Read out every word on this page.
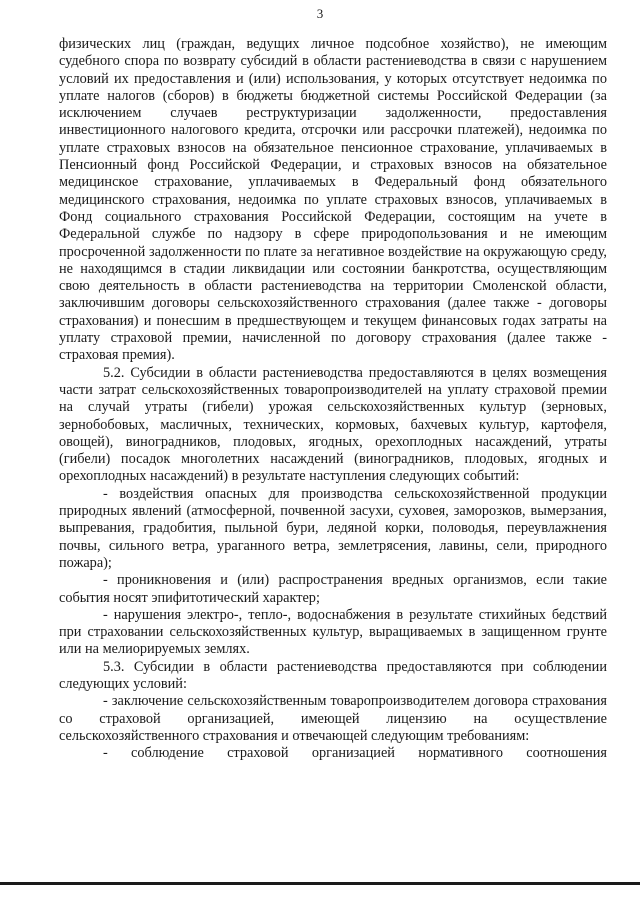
3

физических лиц (граждан, ведущих личное подсобное хозяйство), не имеющим судебного спора по возврату субсидий в области растениеводства в связи с нарушением условий их предоставления и (или) использования, у которых отсутствует недоимка по уплате налогов (сборов) в бюджеты бюджетной системы Российской Федерации (за исключением случаев реструктуризации задолженности, предоставления инвестиционного налогового кредита, отсрочки или рассрочки платежей), недоимка по уплате страховых взносов на обязательное пенсионное страхование, уплачиваемых в Пенсионный фонд Российской Федерации, и страховых взносов на обязательное медицинское страхование, уплачиваемых в Федеральный фонд обязательного медицинского страхования, недоимка по уплате страховых взносов, уплачиваемых в Фонд социального страхования Российской Федерации, состоящим на учете в Федеральной службе по надзору в сфере природопользования и не имеющим просроченной задолженности по плате за негативное воздействие на окружающую среду, не находящимся в стадии ликвидации или состоянии банкротства, осуществляющим свою деятельность в области растениеводства на территории Смоленской области, заключившим договоры сельскохозяйственного страхования (далее также - договоры страхования) и понесшим в предшествующем и текущем финансовых годах затраты на уплату страховой премии, начисленной по договору страхования (далее также - страховая премия).

5.2. Субсидии в области растениеводства предоставляются в целях возмещения части затрат сельскохозяйственных товаропроизводителей на уплату страховой премии на случай утраты (гибели) урожая сельскохозяйственных культур (зерновых, зернобобовых, масличных, технических, кормовых, бахчевых культур, картофеля, овощей), виноградников, плодовых, ягодных, орехоплодных насаждений, утраты (гибели) посадок многолетних насаждений (виноградников, плодовых, ягодных и орехоплодных насаждений) в результате наступления следующих событий:

- воздействия опасных для производства сельскохозяйственной продукции природных явлений (атмосферной, почвенной засухи, суховея, заморозков, вымерзания, выпревания, градобития, пыльной бури, ледяной корки, половодья, переувлажнения почвы, сильного ветра, ураганного ветра, землетрясения, лавины, сели, природного пожара);

- проникновения и (или) распространения вредных организмов, если такие события носят эпифитотический характер;

- нарушения электро-, тепло-, водоснабжения в результате стихийных бедствий при страховании сельскохозяйственных культур, выращиваемых в защищенном грунте или на мелиорируемых землях.

5.3. Субсидии в области растениеводства предоставляются при соблюдении следующих условий:

- заключение сельскохозяйственным товаропроизводителем договора страхования со страховой организацией, имеющей лицензию на осуществление сельскохозяйственного страхования и отвечающей следующим требованиям:

- соблюдение страховой организацией нормативного соотношения
